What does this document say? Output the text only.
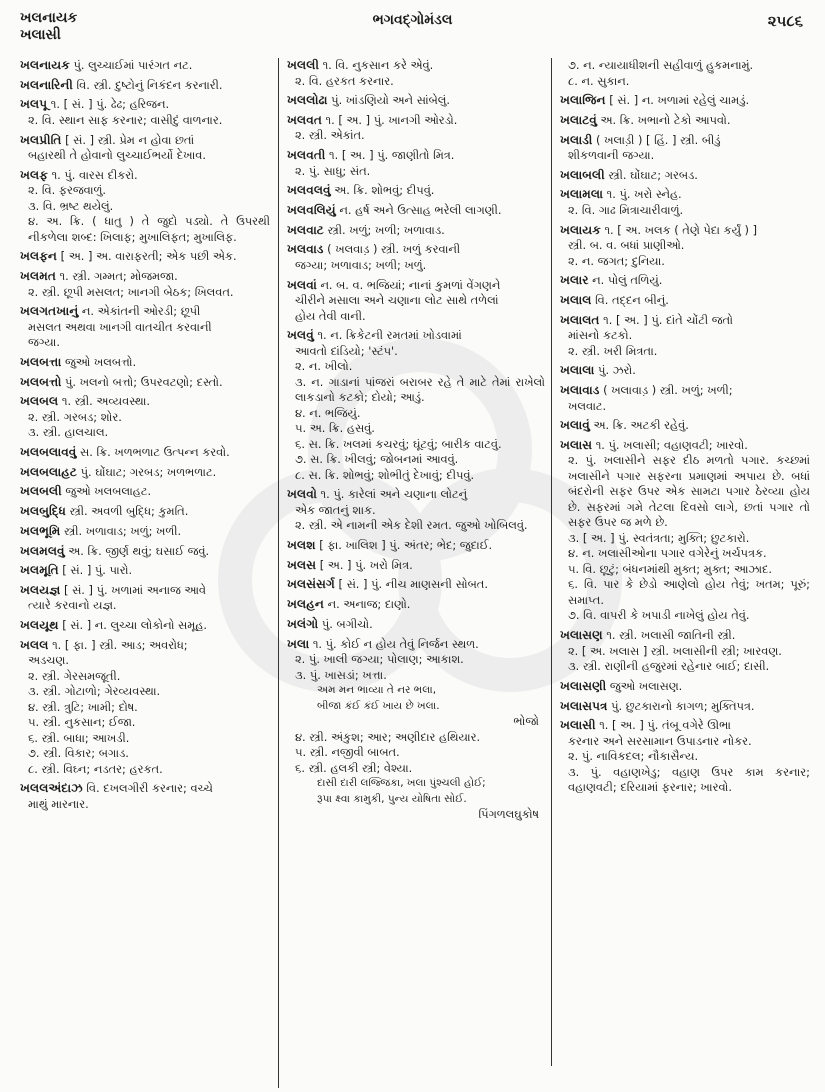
ખલનાયક
ખલાસી
ભગવદ્ગોમંડલ	૨૫૮૬
ખલનાયક પું. લુચ્ચાઈમાં પારંગત નટ.
ખલનારિની વિ. સ્ત્રી. દુષ્ટોનું નિકંદન કરનારી.
ખલપૂ ૧. [ સં. ] પું. ઢેઢ; હરિજન.
૨. વિ. સ્થાન સાફ કરનાર; વાસીદું વાળનાર.
ખલપ્રીતિ [ સં. ] સ્ત્રી. પ્રેમ ન હોવા છતાં
બહારથી તે હોવાનો લુચ્ચાઈભર્યો દેખાવ.
ખલફ ૧. પું. વારસ દીકરો.
૨. વિ. ફરજવાળું.
૩. વિ. ભ્રષ્ટ થયેલું.
૪. અ. ક્રિ. ( ધાતુ ) તે જુદો પડ્યો. તે ઉપરથી નીકળેલા શબ્દ: ખિલાફ; મુખાલિફત; મુખાલિફ.
ખલફન [ અ. ] અ. વારાફરતી; એક પછી એક.
ખલમત ૧. સ્ત્રી. ગમ્મત; મોજમજા.
૨. સ્ત્રી. છૂપી મસલત; ખાનગી બેઠક; ખિલવત.
ખલગતખાનું ન. એકાંતની ઓરડી; છૂપી
મસલત અથવા ખાનગી વાતચીત કરવાની
જગ્યા.
ખલબત્તા જુઓ ખલબત્તો.
ખલબત્તો પું. ખલનો બત્તો; ઉપરવટણો; દસ્તો.
ખલબલ ૧. સ્ત્રી. અવ્યવસ્થા.
૨. સ્ત્રી. ગરબડ; શોર.
૩. સ્ત્રી. હાલચાલ.
ખલબલાવવું સ. ક્રિ. ખળભળાટ ઉત્પન્ન કરવો.
ખલબલાહટ પું. ઘોંઘાટ; ગરબડ; ખળભળાટ.
ખલબલી જુઓ ખલબલાહટ.
ખલબુદ્ધિ સ્ત્રી. અવળી બુદ્ધિ; કુમતિ.
ખલભૂમિ સ્ત્રી. ખળાવાડ; ખળું; ખળી.
ખલમલવું અ. ક્રિ. જીર્ણ થવું; ઘસાઈ જવું.
ખલમૂતિ [ સં. ] પું. પારો.
ખલયજ્ઞ [ સં. ] પું. ખળામાં અનાજ આવે
ત્યારે કરવાનો યજ્ઞ.
ખલયૂથ [ સં. ] ન. લુચ્ચા લોકોનો સમૂહ.
ખલલ ૧. [ ફા. ] સ્ત્રી. આડ; અવરોધ;
અડચણ.
૨. સ્ત્રી. ગેરસમજૂતી.
૩. સ્ત્રી. ગોટાળો; ગેરવ્યવસ્થા.
૪. સ્ત્રી. ત્રુટિ; ખામી; દોષ.
૫. સ્ત્રી. નુકસાન; ઈજા.
૬. સ્ત્રી. બાધા; આખડી.
૭. સ્ત્રી. વિકાર; બગાડ.
૮. સ્ત્રી. વિઘ્ન; નડતર; હરકત.
ખલલઅંદાઝ વિ. દખલગીરી કરનાર; વચ્ચે
માથું મારનાર.
ખલલી ૧. વિ. નુકસાન કરે એવું.
૨. વિ. હરકત કરનાર.
ખલલોઢા પું. ખાંડણિયો અને સાંબેલું.
ખલવત ૧. [ અ. ] પું. ખાનગી ઓરડો.
૨. સ્ત્રી. એકાંત.
ખલવતી ૧. [ અ. ] પું. જાણીતો મિત્ર.
૨. પું. સાધુ; સંત.
ખલવલવું અ. ક્રિ. શોભવું; દીપવું.
ખલવલિયું ન. હર્ષ અને ઉત્સાહ ભરેલી લાગણી.
ખલવાટ સ્ત્રી. ખળું; ખળી; ખળાવાડ.
ખલવાડ ( ખલવાડ઼ ) સ્ત્રી. ખળું કરવાની
જગ્યા; ખળાવાડ; ખળી; ખળું.
ખલવાં ન. બ. વ. ભજિયાં; નાનાં કુમળાં વેંગણને
ચીરીને મસાલા અને ચણાના લોટ સાથે તળેલાં
હોય તેવી વાની.
ખલવું ૧. ન. ક્રિકેટની રમતમાં ખોડવામાં
આવતો દાંડિયો; 'સ્ટંપ'.
૨. ન. ખીલો.
૩. ન. ગાડાનાં પાંજરાં બરાબર રહે તે માટે તેમાં રાખેલો લાકડાનો કટકો; દોયો; આડું.
૪. ન. ભજિયું.
૫. અ. ક્રિ. હસવું.
૬. સ. ક્રિ. ખલમાં કચરવું; ઘૂંટવું; બારીક વાટવું.
૭. સ. ક્રિ. ખીલવું; જોબનમાં આવવું.
૮. સ. ક્રિ. શોભવું; શોભીતું દેખાવું; દીપવું.
ખલવો ૧. પું. કારેલાં અને ચણાના લોટનું
એક જાતનું શાક.
૨. સ્ત્રી. એ નામની એક દેશી રમત. જુઓ ખોબિલવું.
ખલશ [ ફા. ખાલિશ ] પું. અંતર; ભેદ; જુદાઈ.
ખલસ [ અ. ] પું. ખરો મિત્ર.
ખલસંસર્ગ [ સં. ] પું. નીચ માણસની સોબત.
ખલહન ન. અનાજ; દાણો.
ખલંગો પું. બગીચો.
ખલા ૧. પું. કોઈ ન હોય તેવું નિર્જન સ્થળ.
૨. પું. ખાલી જગ્યા; પોલાણ; આકાશ.
૩. પું. ખાસડાં; ખત્તા.
અમ મન ભાવ્યા તે નર ભલા,
બીજા કંઈ કંઈ ખાય છે ખલા.
ભોજો
૪. સ્ત્રી. અંકુશ; આર; અણીદાર હથિયાર.
૫. સ્ત્રી. નજીવી બાબત.
૬. સ્ત્રી. હલકી સ્ત્રી; વેશ્યા.
દાસી દારી લજ્જિકા, ખલા પુંશ્ચલી હોઈ;
રૂપા ક્ષ્વા કામુકી, પુન્ય યોષિતા સોઈ.
પિંગળલઘુકોષ
૭. ન. ન્યાયાધીશની સહીવાળું હુકમનામું.
૮. ન. સુકાન.
ખલાજિન [ સં. ] ન. ખળામાં રહેલું ચામડું.
ખલાટવું અ. ક્રિ. ખભાનો ટેકો આપવો.
ખલાડી ( ખલાડ઼ી ) [ હિં. ] સ્ત્રી. બીડું
શીકળવાની જગ્યા.
ખલાબલી સ્ત્રી. ઘોંઘાટ; ગરબડ.
ખલામલા ૧. પું. ખરો સ્નેહ.
૨. વિ. ગાઢ મિત્રાચારીવાળું.
ખલાયક ૧. [ અ. ખલક ( તેણે પેદા કર્યું ) ]
સ્ત્રી. બ. વ. બધાં પ્રાણીઓ.
૨. ન. જગત; દુનિયા.
ખલાર ન. પોલું તળિયું.
ખલાલ વિ. તદ્દન બીનું.
ખલાલત ૧. [ અ. ] પું. દાંતે ચોંટી જતો
માંસનો કટકો.
૨. સ્ત્રી. ખરી મિત્રતા.
ખલાલા પું. ઝરો.
ખલાવાડ ( ખલાવાડ઼ ) સ્ત્રી. ખળું; ખળી;
ખલવાટ.
ખલાવું અ. ક્રિ. અટકી રહેવું.
ખલાસ ૧. પું. ખલાસી; વહાણવટી; ખારવો.
૨. પું. ખલાસીને સફર દીઠ મળતો પગાર. કચ્છમાં ખલાસીને પગાર સફરના પ્રમાણમાં અપાય છે. બધાં બંદરોની સફર ઉપર એક સામટા પગાર ઠેરવ્યા હોય છે. સફરમાં ગમે તેટલા દિવસો લાગે, છતાં પગાર તો સફર ઉપર જ મળે છે.
૩. [ અ. ] પું. સ્વતંત્રતા; મુક્તિ; છુટકારો.
૪. ન. ખલાસીઓના પગાર વગેરેનું ખર્ચપત્રક.
૫. વિ. છૂટું; બંધનમાંથી મુક્ત; મુક્ત; આઝાદ.
૬. વિ. પાર કે છેડો આણેલો હોય તેવું; ખતમ; પૂરું; સમાપ્ત.
૭. વિ. વાપરી કે ખપાડી નાખેલું હોય તેવું.
ખલાસણ ૧. સ્ત્રી. ખલાસી જાતિની સ્ત્રી.
૨. [ અ. ખલાસ ] સ્ત્રી. ખલાસીની સ્ત્રી; ખારવણ.
૩. સ્ત્રી. રાણીની હજુરમાં રહેનાર બાઈ; દાસી.
ખલાસણી જુઓ ખલાસણ.
ખલાસપત્ર પું. છુટકારાનો કાગળ; મુક્તિપત્ર.
ખલાસી ૧. [ અ. ] પું. તંબૂ વગેરે ઊભા
કરનાર અને સરસામાન ઉપાડનાર નોકર.
૨. પું. નાવિકદલ; નૌકાસૈન્ય.
૩. પું. વહાણખેડુ; વહાણ ઉપર કામ કરનાર; વહાણવટી; દરિયામાં ફરનાર; ખારવો.
